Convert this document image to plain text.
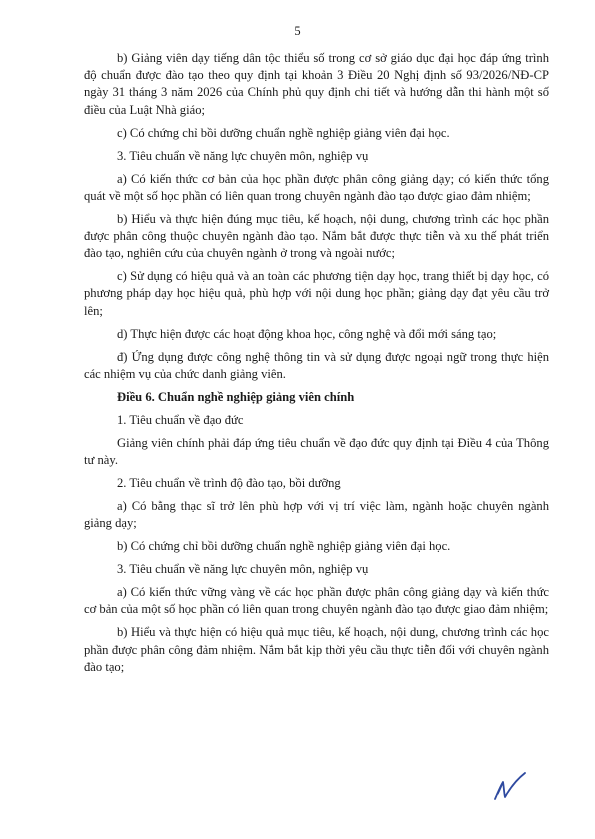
5

b) Giảng viên dạy tiếng dân tộc thiểu số trong cơ sở giáo dục đại học đáp ứng trình độ chuẩn được đào tạo theo quy định tại khoản 3 Điều 20 Nghị định số 93/2026/NĐ-CP ngày 31 tháng 3 năm 2026 của Chính phủ quy định chi tiết và hướng dẫn thi hành một số điều của Luật Nhà giáo;

c) Có chứng chỉ bồi dưỡng chuẩn nghề nghiệp giảng viên đại học.

3. Tiêu chuẩn về năng lực chuyên môn, nghiệp vụ

a) Có kiến thức cơ bản của học phần được phân công giảng dạy; có kiến thức tổng quát về một số học phần có liên quan trong chuyên ngành đào tạo được giao đảm nhiệm;

b) Hiểu và thực hiện đúng mục tiêu, kế hoạch, nội dung, chương trình các học phần được phân công thuộc chuyên ngành đào tạo. Nắm bắt được thực tiễn và xu thế phát triển đào tạo, nghiên cứu của chuyên ngành ở trong và ngoài nước;

c) Sử dụng có hiệu quả và an toàn các phương tiện dạy học, trang thiết bị dạy học, có phương pháp dạy học hiệu quả, phù hợp với nội dung học phần; giảng dạy đạt yêu cầu trở lên;

d) Thực hiện được các hoạt động khoa học, công nghệ và đổi mới sáng tạo;

đ) Ứng dụng được công nghệ thông tin và sử dụng được ngoại ngữ trong thực hiện các nhiệm vụ của chức danh giảng viên.

Điều 6. Chuẩn nghề nghiệp giảng viên chính

1. Tiêu chuẩn về đạo đức

Giảng viên chính phải đáp ứng tiêu chuẩn về đạo đức quy định tại Điều 4 của Thông tư này.

2. Tiêu chuẩn về trình độ đào tạo, bồi dưỡng

a) Có bằng thạc sĩ trở lên phù hợp với vị trí việc làm, ngành hoặc chuyên ngành giảng dạy;

b) Có chứng chỉ bồi dưỡng chuẩn nghề nghiệp giảng viên đại học.

3. Tiêu chuẩn về năng lực chuyên môn, nghiệp vụ

a) Có kiến thức vững vàng về các học phần được phân công giảng dạy và kiến thức cơ bản của một số học phần có liên quan trong chuyên ngành đào tạo được giao đảm nhiệm;

b) Hiểu và thực hiện có hiệu quả mục tiêu, kế hoạch, nội dung, chương trình các học phần được phân công đảm nhiệm. Nắm bắt kịp thời yêu cầu thực tiễn đối với chuyên ngành đào tạo;
